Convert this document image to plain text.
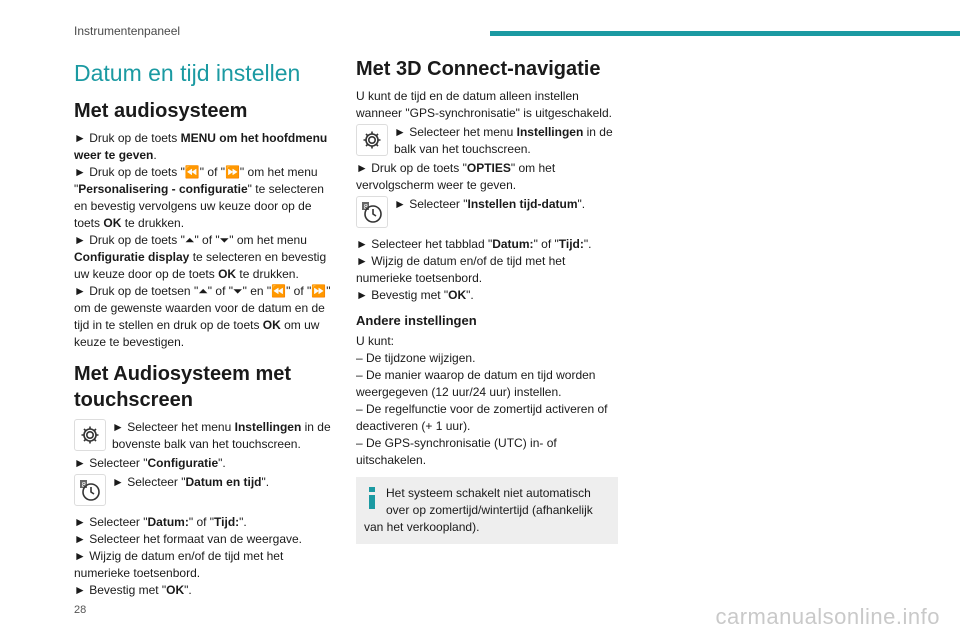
Instrumentenpaneel
Datum en tijd instellen
Met audiosysteem
► Druk op de toets MENU om het hoofdmenu weer te geven.
► Druk op de toets "⏪" of "⏩" om het menu "Personalisering - configuratie" te selecteren en bevestig vervolgens uw keuze door op de toets OK te drukken.
► Druk op de toets "⏶" of "⏷" om het menu Configuratie display te selecteren en bevestig uw keuze door op de toets OK te drukken.
► Druk op de toetsen "⏶" of "⏷" en "⏪" of "⏩" om de gewenste waarden voor de datum en de tijd in te stellen en druk op de toets OK om uw keuze te bevestigen.
Met Audiosysteem met touchscreen
► Selecteer het menu Instellingen in de bovenste balk van het touchscreen.
► Selecteer "Configuratie".
8 ► Selecteer "Datum en tijd".
► Selecteer "Datum:" of "Tijd:".
► Selecteer het formaat van de weergave.
► Wijzig de datum en/of de tijd met het numerieke toetsenbord.
► Bevestig met "OK".
Met 3D Connect-navigatie

U kunt de tijd en de datum alleen instellen wanneer "GPS-synchronisatie" is uitgeschakeld.

► Selecteer het menu Instellingen in de balk van het touchscreen.
► Druk op de toets "OPTIES" om het vervolgscherm weer te geven.
8 ► Selecteer "Instellen tijd-datum".
► Selecteer het tabblad "Datum:" of "Tijd:".
► Wijzig de datum en/of de tijd met het numerieke toetsenbord.
► Bevestig met "OK".
Andere instellingen

U kunt:

– De tijdzone wijzigen.
– De manier waarop de datum en tijd worden weergegeven (12 uur/24 uur) instellen.
– De regelfunctie voor de zomertijd activeren of deactiveren (+ 1 uur).
– De GPS-synchronisatie (UTC) in- of uitschakelen.
Het systeem schakelt niet automatisch over op zomertijd/wintertijd (afhankelijk van het verkoopland).
28	carmanualsonline.info
